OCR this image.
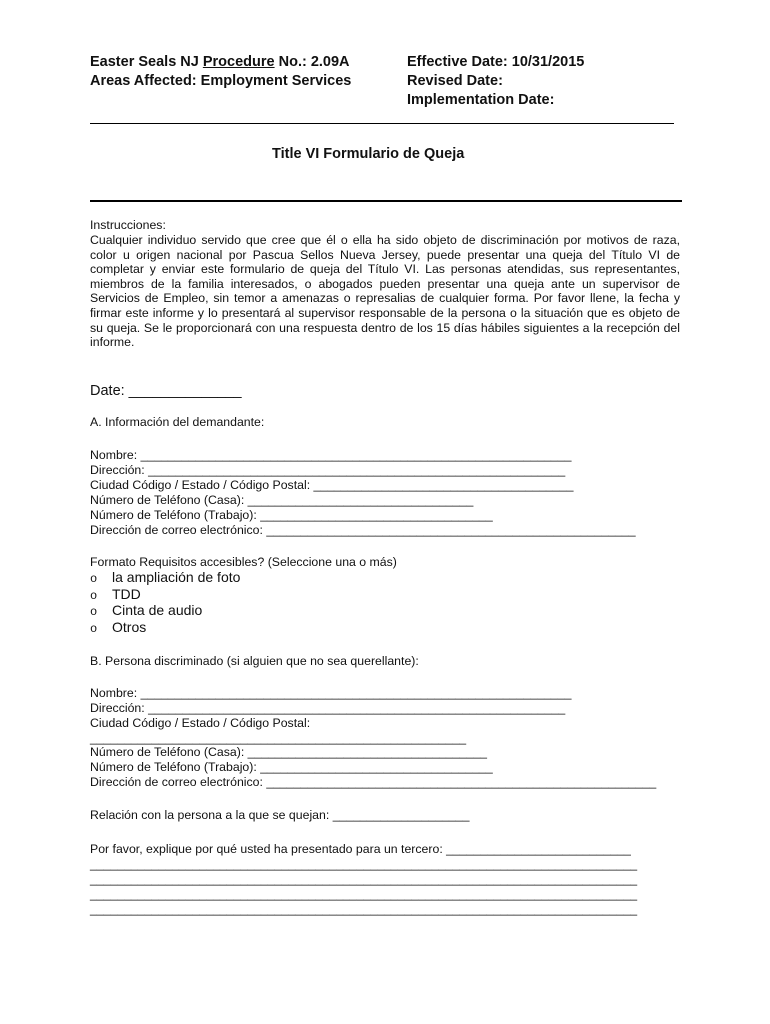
Easter Seals NJ Procedure No.: 2.09A
Areas Affected: Employment Services
Effective Date: 10/31/2015
Revised Date:
Implementation Date:
Title VI Formulario de Queja
Instrucciones:
Cualquier individuo servido que cree que él o ella ha sido objeto de discriminación por motivos de raza, color u origen nacional por Pascua Sellos Nueva Jersey, puede presentar una queja del Título VI de completar y enviar este formulario de queja del Título VI. Las personas atendidas, sus representantes, miembros de la familia interesados, o abogados pueden presentar una queja ante un supervisor de Servicios de Empleo, sin temor a amenazas o represalias de cualquier forma. Por favor llene, la fecha y firmar este informe y lo presentará al supervisor responsable de la persona o la situación que es objeto de su queja. Se le proporcionará con una respuesta dentro de los 15 días hábiles siguientes a la recepción del informe.
Date: ______________
A. Información del demandante:
Nombre: _______________________________________________________________
Dirección: _____________________________________________________________
Ciudad Código / Estado / Código Postal: ______________________________________
Número de Teléfono (Casa): _________________________________
Número de Teléfono (Trabajo): __________________________________
Dirección de correo electrónico: ______________________________________________________
Formato Requisitos accesibles? (Seleccione una o más)
o la ampliación de foto
o TDD
o Cinta de audio
o Otros
B. Persona discriminado (si alguien que no sea querellante):
Nombre: _______________________________________________________________
Dirección: _____________________________________________________________
Ciudad Código / Estado / Código Postal:
_______________________________________________________
Número de Teléfono (Casa): ___________________________________
Número de Teléfono (Trabajo): __________________________________
Dirección de correo electrónico: _________________________________________________________
Relación con la persona a la que se quejan: ____________________
Por favor, explique por qué usted ha presentado para un tercero: ___________________________
________________________________________________________________________________
________________________________________________________________________________
________________________________________________________________________________
________________________________________________________________________________
